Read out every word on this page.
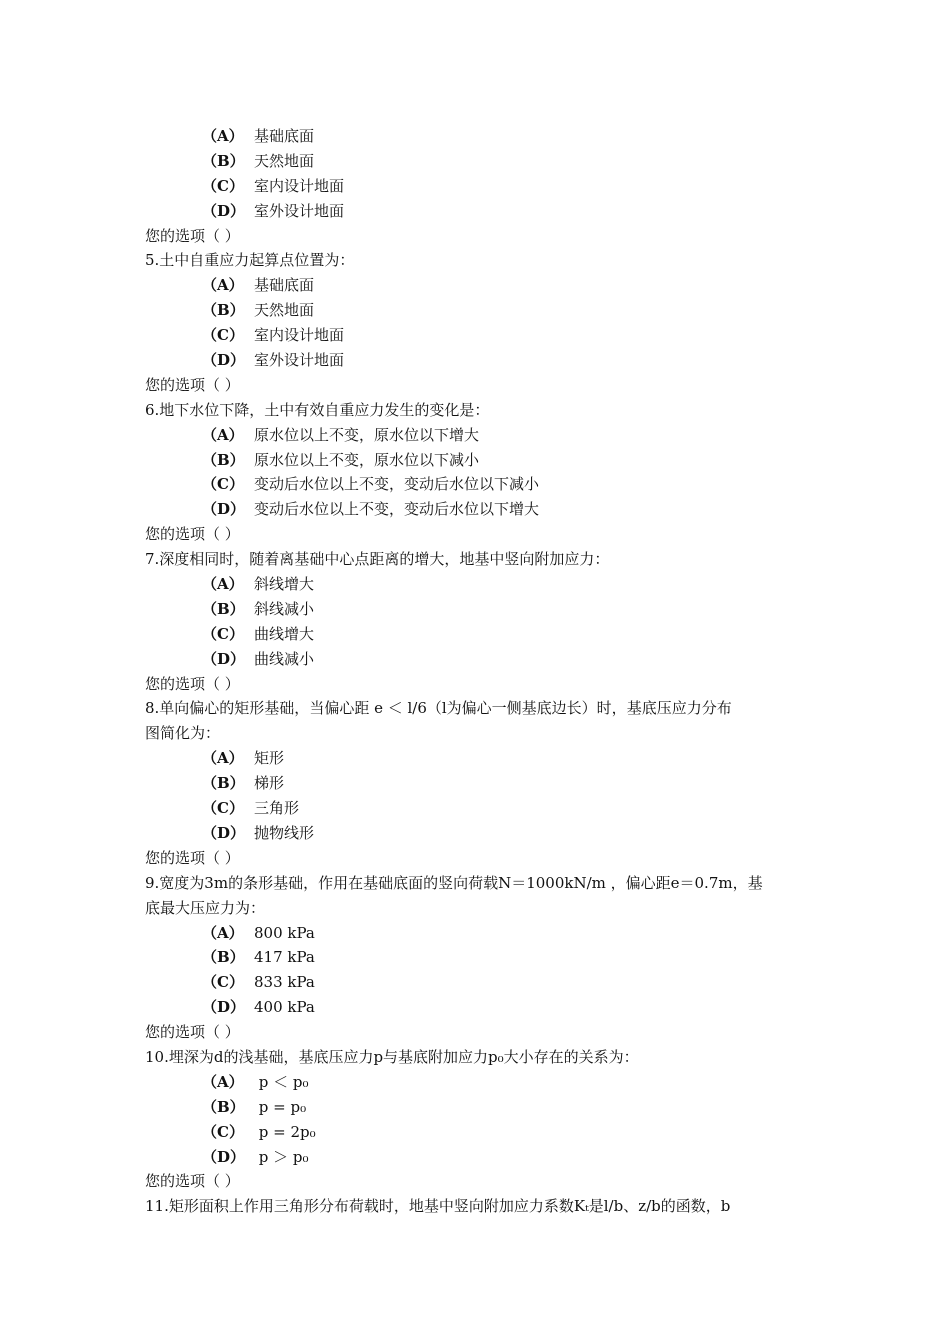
（A） 基础底面
（B） 天然地面
（C） 室内设计地面
（D） 室外设计地面
您的选项（ ）
5.土中自重应力起算点位置为：
（A） 基础底面
（B） 天然地面
（C） 室内设计地面
（D） 室外设计地面
您的选项（ ）
6.地下水位下降，土中有效自重应力发生的变化是：
（A） 原水位以上不变，原水位以下增大
（B） 原水位以上不变，原水位以下减小
（C） 变动后水位以上不变，变动后水位以下减小
（D） 变动后水位以上不变，变动后水位以下增大
您的选项（ ）
7.深度相同时，随着离基础中心点距离的增大，地基中竖向附加应力：
（A） 斜线增大
（B） 斜线减小
（C） 曲线增大
（D） 曲线减小
您的选项（ ）
8.单向偏心的矩形基础，当偏心距 e ＜ l/6（l为偏心一侧基底边长）时，基底压应力分布
图简化为：
（A） 矩形
（B） 梯形
（C） 三角形
（D） 抛物线形
您的选项（ ）
9.宽度为3m的条形基础，作用在基础底面的竖向荷载N＝1000kN/m ，偏心距e＝0.7m，基
底最大压应力为：
（A） 800 kPa
（B） 417 kPa
（C） 833 kPa
（D） 400 kPa
您的选项（ ）
10.埋深为d的浅基础，基底压应力p与基底附加应力p₀大小存在的关系为：
（A） p ＜ p₀
（B） p = p₀
（C） p = 2p₀
（D） p ＞ p₀
您的选项（ ）
11.矩形面积上作用三角形分布荷载时，地基中竖向附加应力系数Kₜ是l/b、z/b的函数，b
